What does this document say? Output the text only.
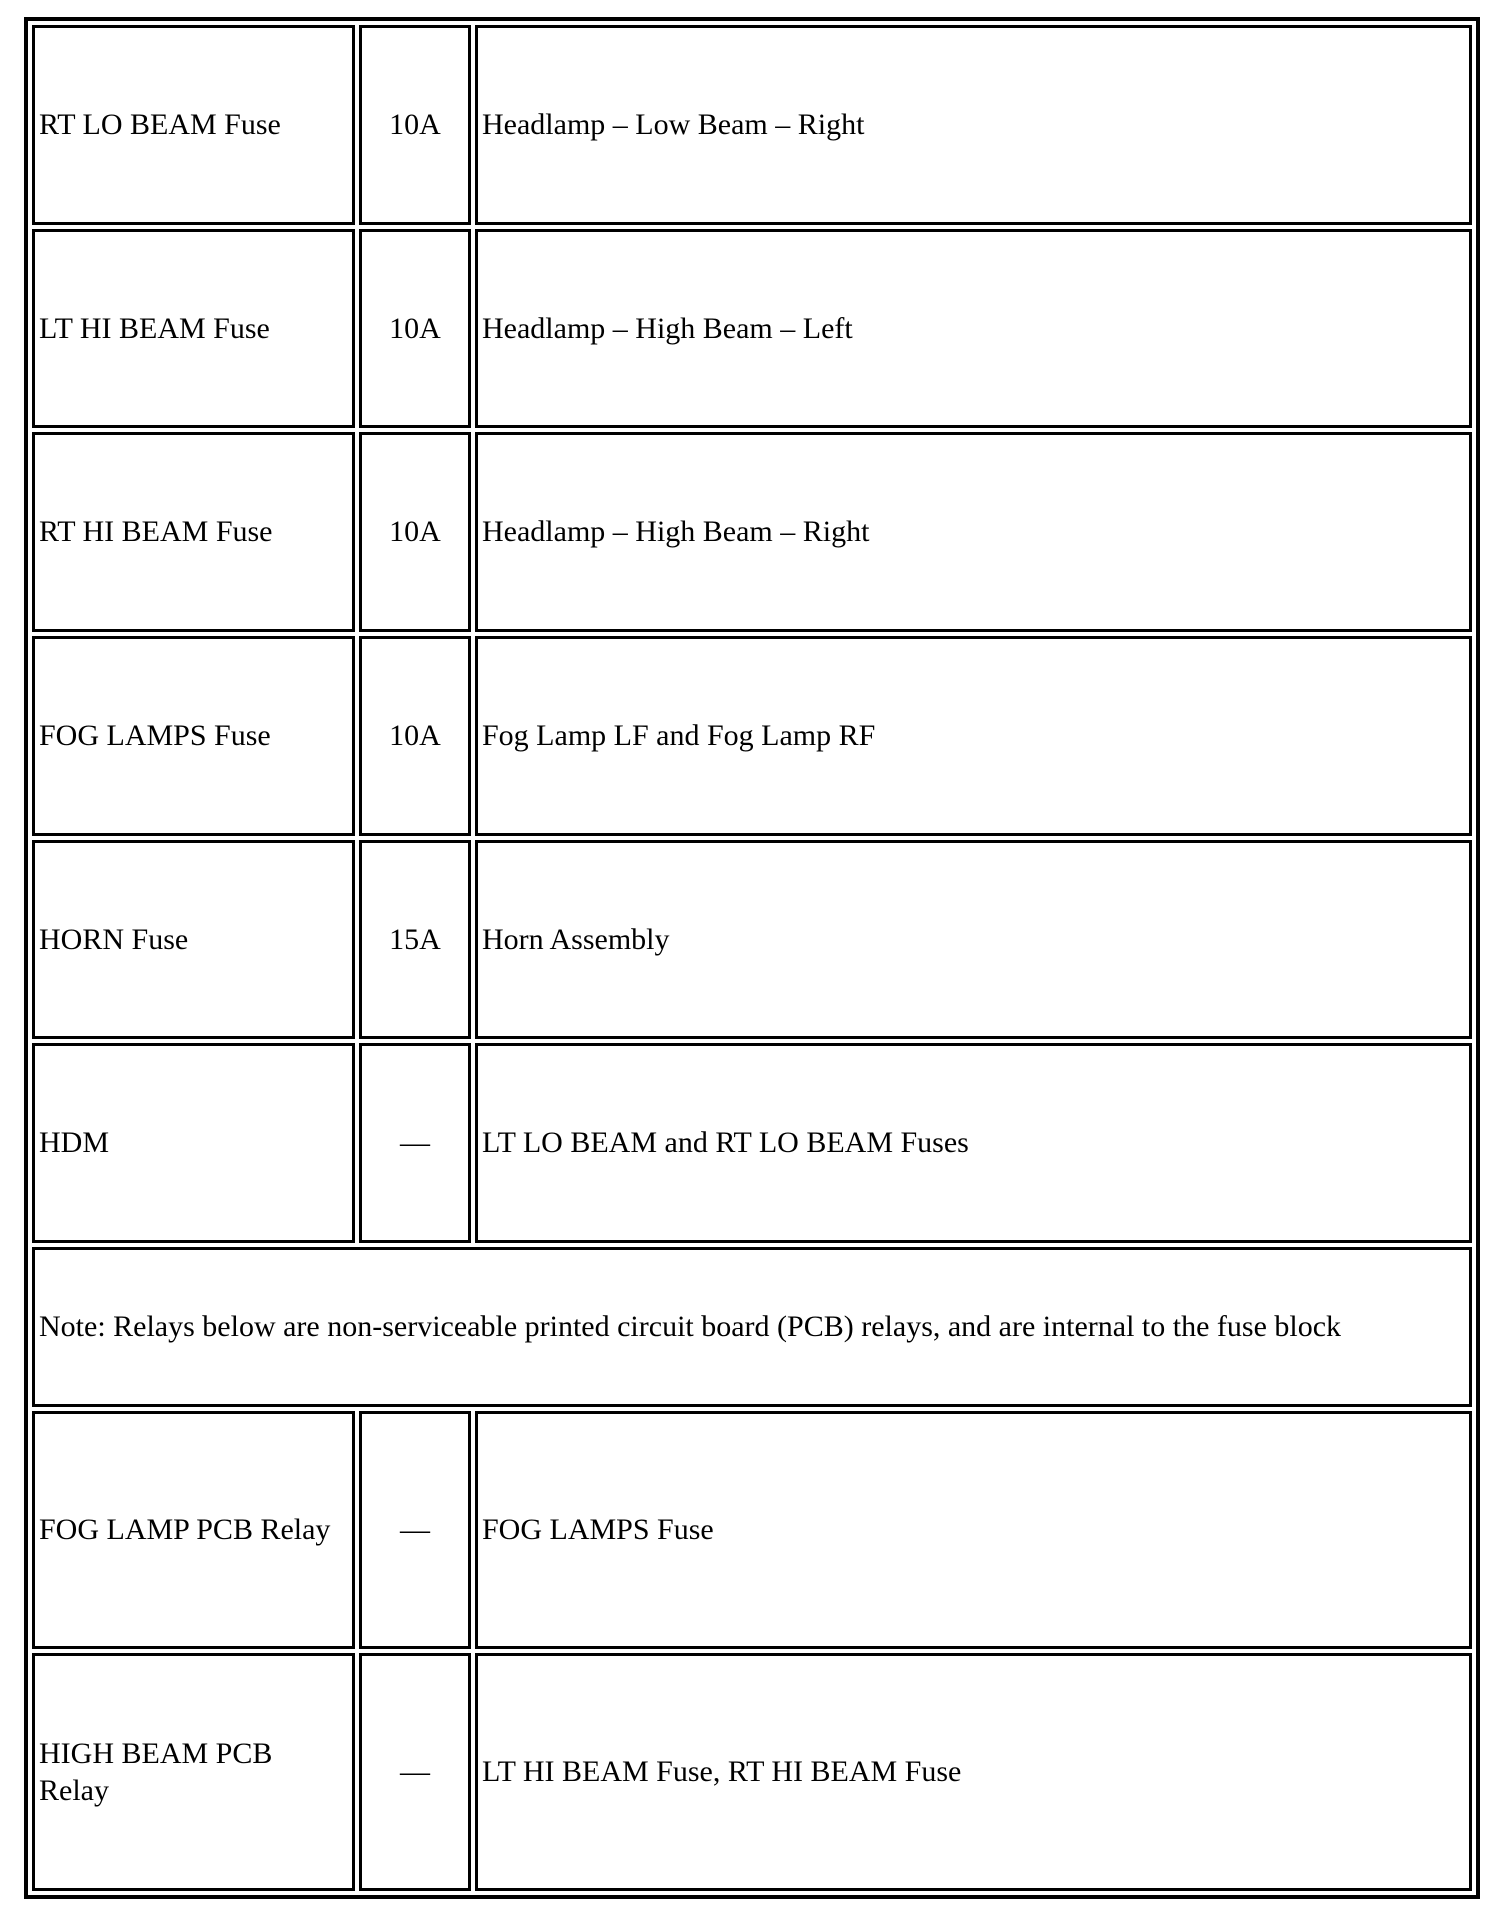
RT LO BEAM Fuse	10A	Headlamp – Low Beam – Right
LT HI BEAM Fuse	10A	Headlamp – High Beam – Left
RT HI BEAM Fuse	10A	Headlamp – High Beam – Right
FOG LAMPS Fuse	10A	Fog Lamp LF and Fog Lamp RF
HORN Fuse	15A	Horn Assembly
HDM	—	LT LO BEAM and RT LO BEAM Fuses
Note: Relays below are non-serviceable printed circuit board (PCB) relays, and are internal to the fuse block		
FOG LAMP PCB Relay	—	FOG LAMPS Fuse
HIGH BEAM PCB Relay	—	LT HI BEAM Fuse, RT HI BEAM Fuse
